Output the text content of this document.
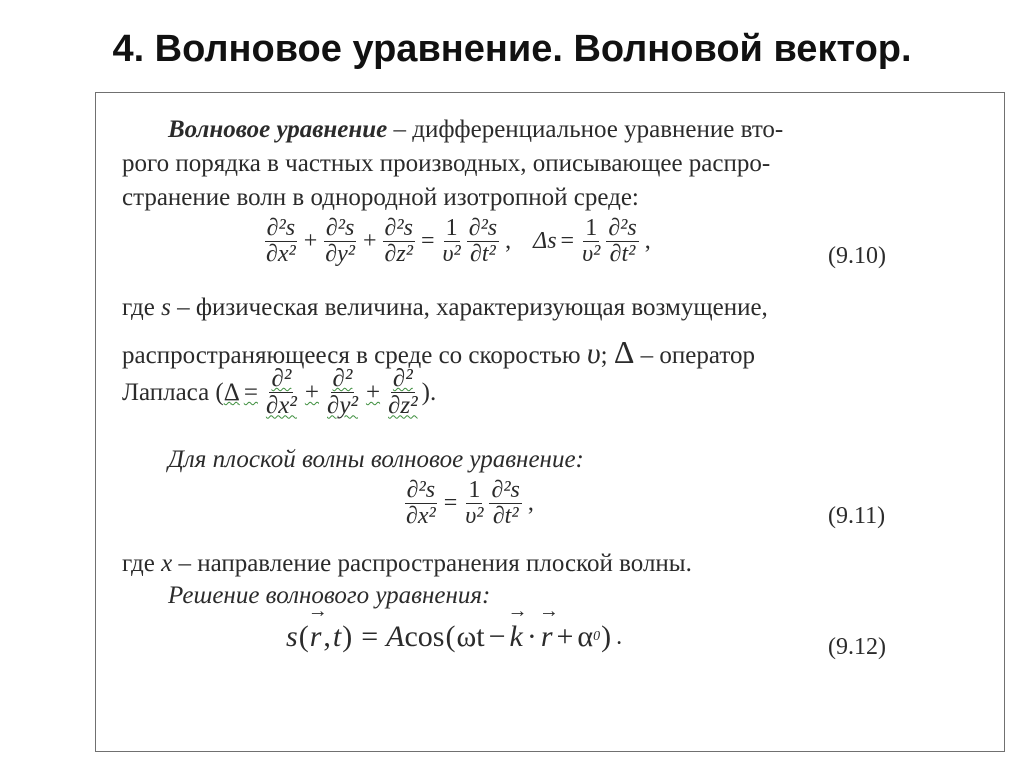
4. Волновое уравнение. Волновой вектор.
Волновое уравнение – дифференциальное уравнение вто-
рого порядка в частных производных, описывающее распро-
странение волн в однородной изотропной среде:
$\frac{\text{∂²s}}{\text{∂x²}} + \frac{\text{∂²s}}{\text{∂y²}} + \frac{\text{∂²s}}{\text{∂z²}} = \frac{1}{\text{υ²}} \frac{\text{∂²s}}{\text{∂t²}}$ , $\Delta s = \frac{1}{\text{υ²}} \frac{\text{∂²s}}{\text{∂t²}}$ ,
(9.10)
где s – физическая величина, характеризующая возмущение,
распространяющееся в среде со скоростью υ; Δ – оператор
Лапласа ( $\Delta = \frac{\text{∂²}}{\text{∂x²}} + \frac{\text{∂²}}{\text{∂y²}} + \frac{\text{∂²}}{\text{∂z²}}$ ).
Для плоской волны волновое уравнение:
$\frac{\text{∂²s}}{\text{∂x²}} = \frac{1}{\text{υ²}} \frac{\text{∂²s}}{\text{∂t²}}$ ,	(9.11)
где x – направление распространения плоской волны.
Решение волнового уравнения:
s ( → r , t ) = A cos ( ωt − → k · → r + α 0 ) .	(9.12)
